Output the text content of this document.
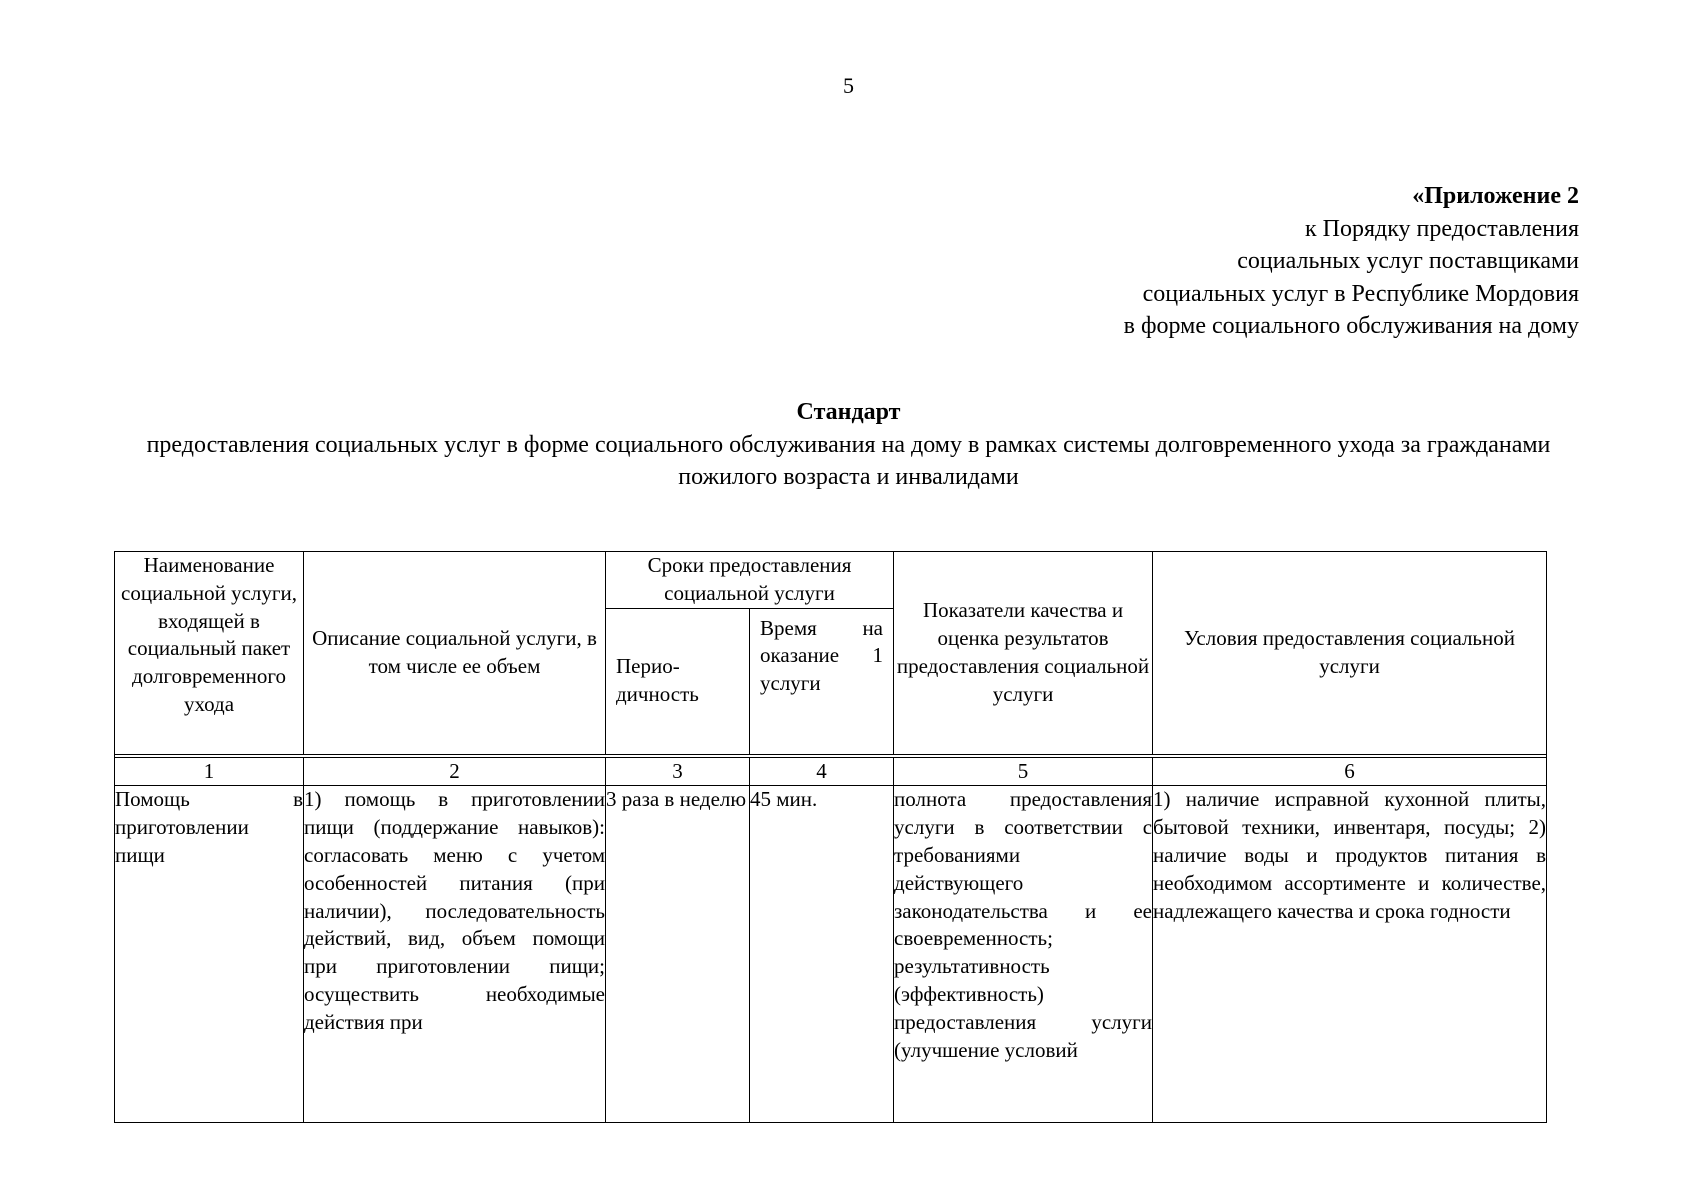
5
«Приложение 2
к Порядку предоставления
социальных услуг поставщиками
социальных услуг в Республике Мордовия
в форме социального обслуживания на дому
Стандарт
предоставления социальных услуг в форме социального обслуживания на дому в рамках системы долговременного ухода за гражданами пожилого возраста и инвалидами
Наименование социальной услуги, входящей в социальный пакет долговременного ухода	Описание социальной услуги, в том числе ее объем	Сроки предоставления социальной услуги		Показатели качества и оценка результатов предоставления социальной услуги	Условия предоставления социальной услуги
		Перио-дичность	Время на оказание 1 услуги		

1	2	3	4	5	6
Помощь в приготовлении пищи	1) помощь в приготовлении пищи (поддержание навыков): согласовать меню с учетом особенностей питания (при наличии), последовательность действий, вид, объем помощи при приготовлении пищи; осуществить необходимые действия при	3 раза в неделю	45 мин.	полнота предоставления услуги в соответствии с требованиями действующего законодательства и ее своевременность; результативность (эффективность) предоставления услуги (улучшение условий	1) наличие исправной кухонной плиты, бытовой техники, инвентаря, посуды; 2) наличие воды и продуктов питания в необходимом ассортименте и количестве, надлежащего качества и срока годности
